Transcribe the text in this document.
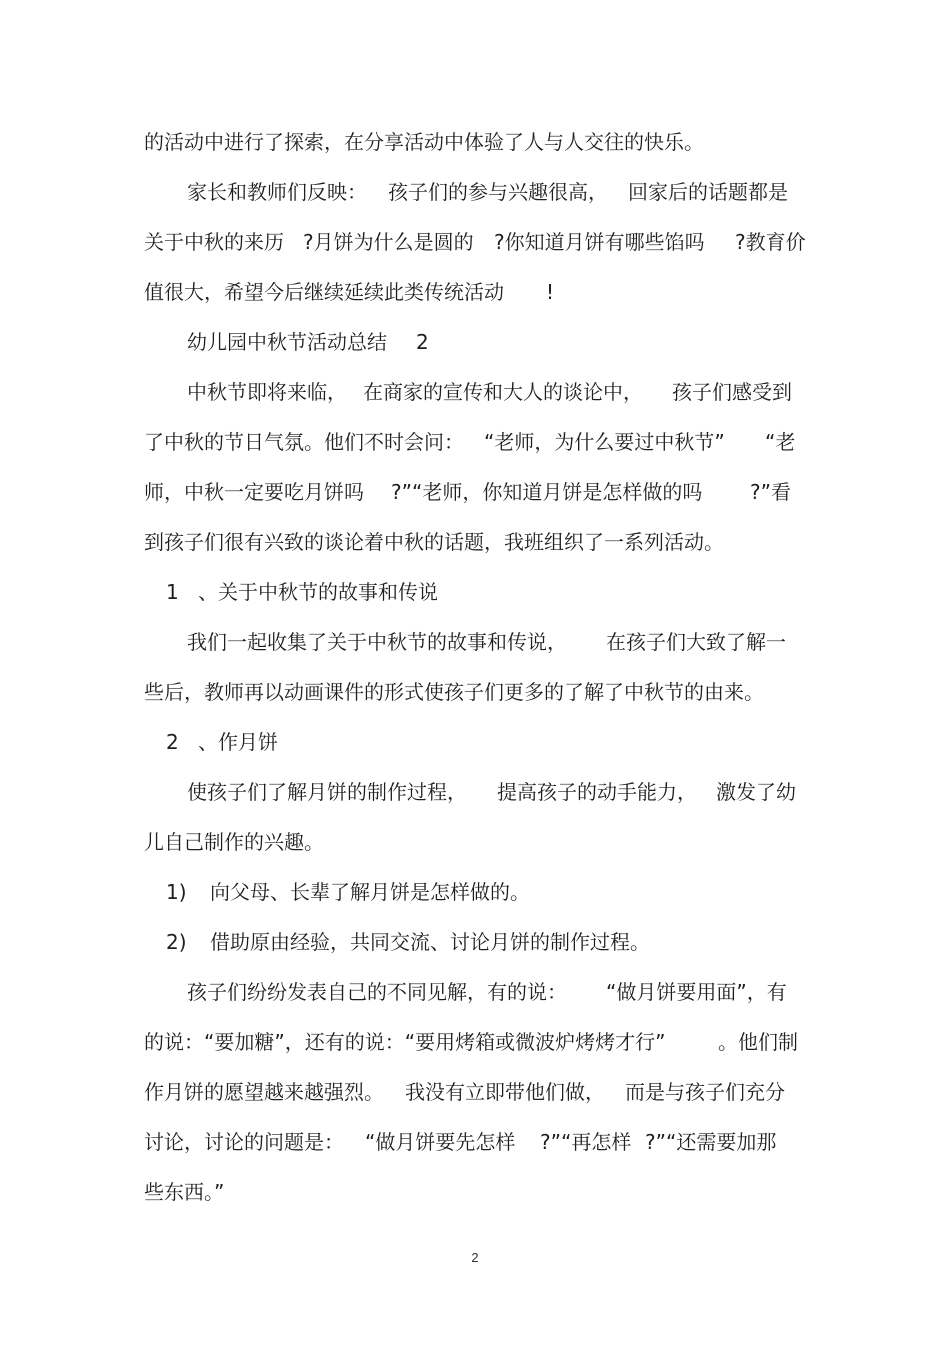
的活动中进行了探索，在分享活动中体验了人与人交往的快乐。
家长和教师们反映： 孩子们的参与兴趣很高， 回家后的话题都是
关于中秋的来历 ?月饼为什么是圆的 ?你知道月饼有哪些馅吗 ?教育价
值很大，希望今后继续延续此类传统活动 !
幼儿园中秋节活动总结 2
中秋节即将来临， 在商家的宣传和大人的谈论中， 孩子们感受到
了中秋的节日气氛。他们不时会问： “老师，为什么要过中秋节” “老
师，中秋一定要吃月饼吗 ?”“老师，你知道月饼是怎样做的吗 ?”看
到孩子们很有兴致的谈论着中秋的话题，我班组织了一系列活动。
1 、关于中秋节的故事和传说
我们一起收集了关于中秋节的故事和传说， 在孩子们大致了解一
些后，教师再以动画课件的形式使孩子们更多的了解了中秋节的由来。
2 、作月饼
使孩子们了解月饼的制作过程， 提高孩子的动手能力， 激发了幼
儿自己制作的兴趣。
1) 向父母、长辈了解月饼是怎样做的。
2) 借助原由经验，共同交流、讨论月饼的制作过程。
孩子们纷纷发表自己的不同见解，有的说： “做月饼要用面”，有
的说：“要加糖”，还有的说：“要用烤箱或微波炉烤烤才行”	。他们制
作月饼的愿望越来越强烈。 我没有立即带他们做， 而是与孩子们充分
讨论，讨论的问题是： “做月饼要先怎样 ?”“再怎样 ?”“还需要加那
些东西。”
2
